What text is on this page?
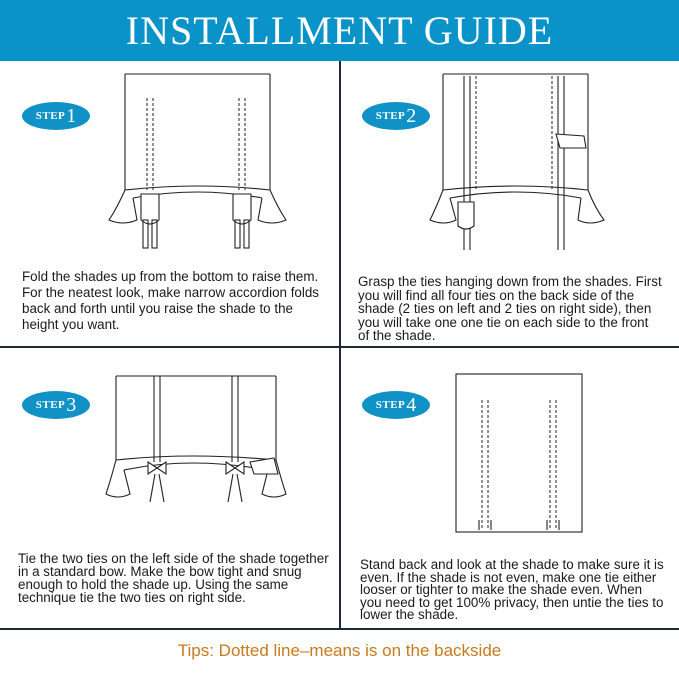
INSTALLMENT GUIDE
STEP 1
Fold the shades up from the bottom to raise them. For the neatest look, make narrow accordion folds back and forth until you raise the shade to the height you want.
STEP 2
Grasp the ties hanging down from the shades. First you will find all four ties on the back side of the shade (2 ties on left and 2 ties on right side), then you will take one one tie on each side to the front of the shade.
STEP 3
Tie the two ties on the left side of the shade together in a standard bow. Make the bow tight and snug enough to hold the shade up. Using the same technique tie the two ties on right side.
STEP 4
Stand back and look at the shade to make sure it is even. If the shade is not even, make one tie either looser or tighter to make the shade even. When you need to get 100% privacy, then untie the ties to lower the shade.
Tips: Dotted line–means is on the backside
